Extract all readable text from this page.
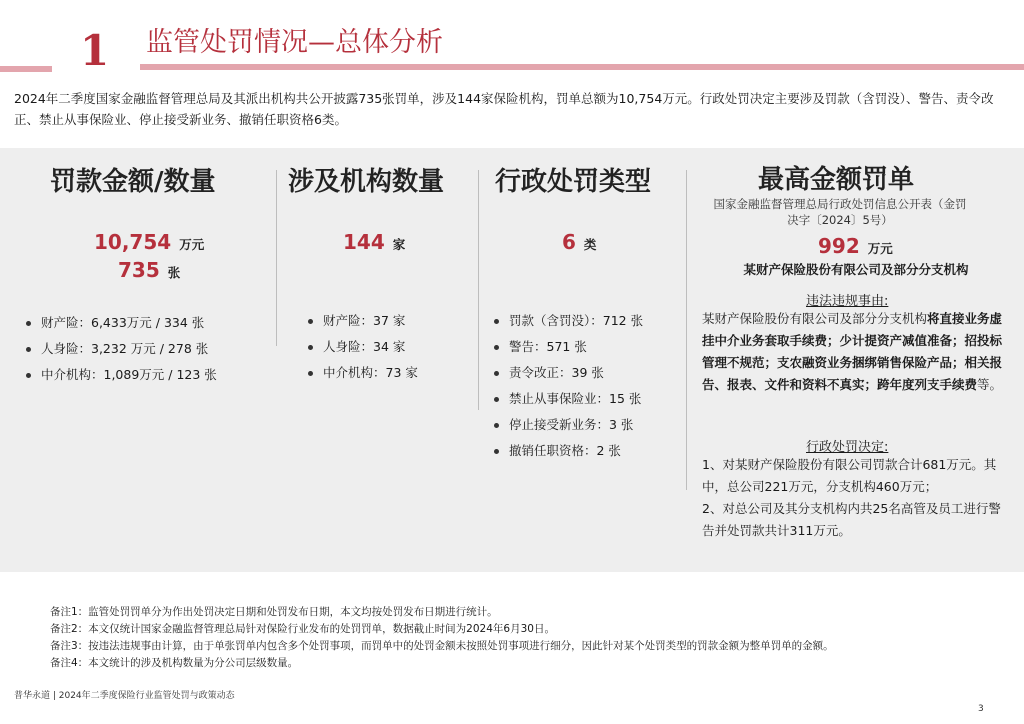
1 监管处罚情况—总体分析
2024年二季度国家金融监督管理总局及其派出机构共公开披露735张罚单，涉及144家保险机构，罚单总额为10,754万元。行政处罚决定主要涉及罚款（含罚没）、警告、责令改正、禁止从事保险业、停止接受新业务、撤销任职资格6类。
罚款金额/数量
10,754 万元
735 张
财产险：6,433万元 / 334 张
人身险：3,232 万元 / 278 张
中介机构：1,089万元 / 123 张
涉及机构数量
144 家
财产险：37 家
人身险：34 家
中介机构：73 家
行政处罚类型
6 类
罚款（含罚没）：712 张
警告：571 张
责令改正：39 张
禁止从事保险业：15 张
停止接受新业务：3 张
撤销任职资格：2 张
最高金额罚单
国家金融监督管理总局行政处罚信息公开表（金罚决字〔2024〕5号）
992 万元
某财产保险股份有限公司及部分分支机构
违法违规事由:
某财产保险股份有限公司及部分分支机构将直接业务虚挂中介业务套取手续费；少计提资产减值准备；招投标管理不规范；支农融资业务捆绑销售保险产品；相关报告、报表、文件和资料不真实；跨年度列支手续费等。
行政处罚决定:
1、对某财产保险股份有限公司罚款合计681万元。其中，总公司221万元，分支机构460万元；
2、对总公司及其分支机构内共25名高管及员工进行警告并处罚款共计311万元。
备注1：监管处罚罚单分为作出处罚决定日期和处罚发布日期，本文均按处罚发布日期进行统计。
备注2：本文仅统计国家金融监督管理总局针对保险行业发布的处罚罚单，数据截止时间为2024年6月30日。
备注3：按违法违规事由计算，由于单张罚单内包含多个处罚事项，而罚单中的处罚金额未按照处罚事项进行细分，因此针对某个处罚类型的罚款金额为整单罚单的金额。
备注4：本文统计的涉及机构数量为分公司层级数量。
普华永道 | 2024年二季度保险行业监管处罚与政策动态
3
